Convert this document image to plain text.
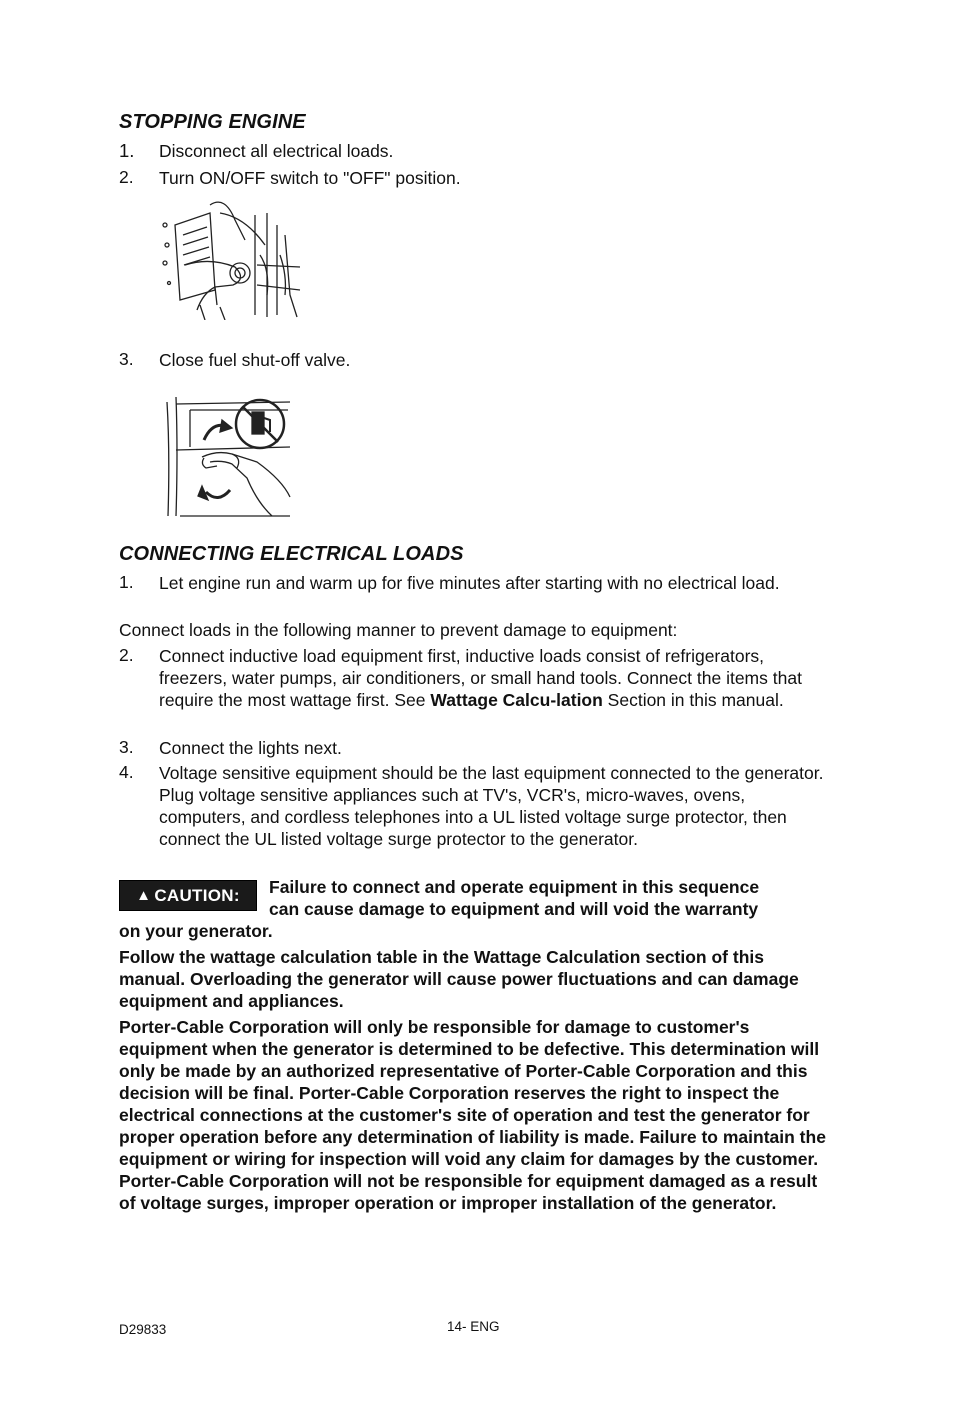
STOPPING ENGINE
1. Disconnect all electrical loads.
2. Turn ON/OFF switch to "OFF" position.
3. Close fuel shut-off valve.
CONNECTING ELECTRICAL LOADS
1. Let engine run and warm up for five minutes after starting with no electrical load.
Connect loads in the following manner to prevent damage to equipment:
2. Connect inductive load equipment first, inductive loads consist of refrigerators, freezers, water pumps, air conditioners, or small hand tools. Connect the items that require the most wattage first. See Wattage Calcu-lation Section in this manual.
3. Connect the lights next.
4. Voltage sensitive equipment should be the last equipment connected to the generator. Plug voltage sensitive appliances such at TV's, VCR's, micro-waves, ovens, computers, and cordless telephones into a UL listed voltage surge protector, then connect the UL listed voltage surge protector to the generator.
▲ CAUTION: Failure to connect and operate equipment in this sequence
can cause damage to equipment and will void the warranty
on your generator.
Follow the wattage calculation table in the Wattage Calculation section of this manual. Overloading the generator will cause power fluctuations and can damage equipment and appliances.
Porter-Cable Corporation will only be responsible for damage to customer's equipment when the generator is determined to be defective. This determination will only be made by an authorized representative of Porter-Cable Corporation and this decision will be final. Porter-Cable Corporation reserves the right to inspect the electrical connections at the customer's site of operation and test the generator for proper operation before any determination of liability is made. Failure to maintain the equipment or wiring for inspection will void any claim for damages by the customer. Porter-Cable Corporation will not be responsible for equipment damaged as a result of voltage surges, improper operation or improper installation of the generator.
D29833	14- ENG
